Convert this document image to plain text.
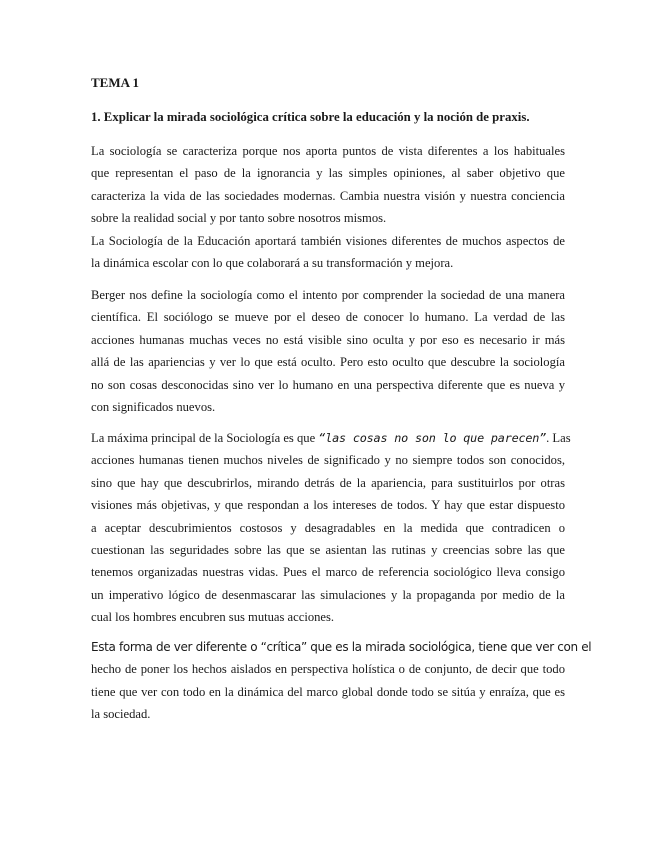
TEMA 1

1. Explicar la mirada sociológica crítica sobre la educación y la noción de praxis.

La sociología se caracteriza porque nos aporta puntos de vista diferentes a los habituales
que representan el paso de la ignorancia y las simples opiniones, al saber objetivo que
caracteriza la vida de las sociedades modernas. Cambia nuestra visión y nuestra conciencia
sobre la realidad social y por tanto sobre nosotros mismos.
La Sociología de la Educación aportará también visiones diferentes de muchos aspectos de
la dinámica escolar con lo que colaborará a su transformación y mejora.

Berger nos define la sociología como el intento por comprender la sociedad de una manera
científica. El sociólogo se mueve por el deseo de conocer lo humano. La verdad de las
acciones humanas muchas veces no está visible sino oculta y por eso es necesario ir más
allá de las apariencias y ver lo que está oculto. Pero esto oculto que descubre la sociología
no son cosas desconocidas sino ver lo humano en una perspectiva diferente que es nueva y
con significados nuevos.

La máxima principal de la Sociología es que “las cosas no son lo que parecen”. Las
acciones humanas tienen muchos niveles de significado y no siempre todos son conocidos,
sino que hay que descubrirlos, mirando detrás de la apariencia, para sustituirlos por otras
visiones más objetivas, y que respondan a los intereses de todos. Y hay que estar dispuesto
a aceptar descubrimientos costosos y desagradables en la medida que contradicen o
cuestionan las seguridades sobre las que se asientan las rutinas y creencias sobre las que
tenemos organizadas nuestras vidas. Pues el marco de referencia sociológico lleva consigo
un imperativo lógico de desenmascarar las simulaciones y la propaganda por medio de la
cual los hombres encubren sus mutuas acciones.

Esta forma de ver diferente o “crítica” que es la mirada sociológica, tiene que ver con el
hecho de poner los hechos aislados en perspectiva holística o de conjunto, de decir que todo
tiene que ver con todo en la dinámica del marco global donde todo se sitúa y enraíza, que es
la sociedad.
